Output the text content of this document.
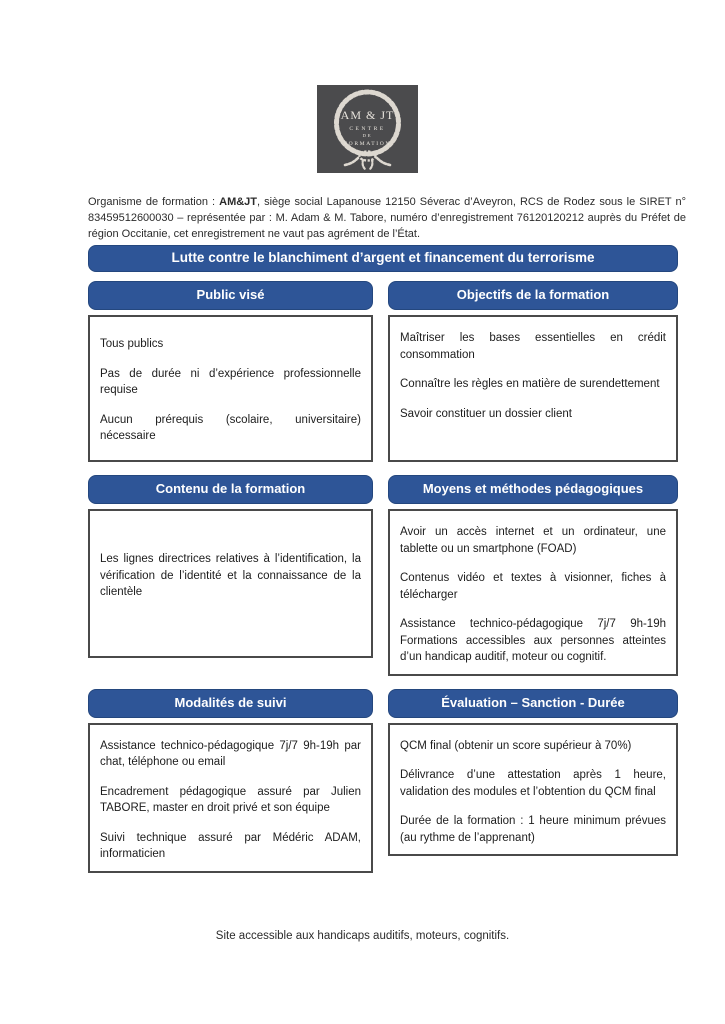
AM & JT
CENTRE
DE
FORMATION

Organisme de formation : AM&JT, siège social Lapanouse 12150 Séverac d’Aveyron, RCS de Rodez sous le SIRET n° 83459512600030 – représentée par : M. Adam & M. Tabore, numéro d’enregistrement 76120120212 auprès du Préfet de région Occitanie, cet enregistrement ne vaut pas agrément de l’État.

Lutte contre le blanchiment d’argent et financement du terrorisme
Public visé

Tous publics

Pas de durée ni d’expérience professionnelle requise

Aucun prérequis (scolaire, universitaire) nécessaire

Objectifs de la formation

Maîtriser les bases essentielles en crédit consommation

Connaître les règles en matière de surendettement

Savoir constituer un dossier client

Contenu de la formation

Les lignes directrices relatives à l’identification, la vérification de l’identité et la connaissance de la clientèle

Moyens et méthodes pédagogiques

Avoir un accès internet et un ordinateur, une tablette ou un smartphone (FOAD)

Contenus vidéo et textes à visionner, fiches à télécharger

Assistance technico-pédagogique 7j/7 9h-19h Formations accessibles aux personnes atteintes d’un handicap auditif, moteur ou cognitif.

Modalités de suivi

Assistance technico-pédagogique 7j/7 9h-19h par chat, téléphone ou email

Encadrement pédagogique assuré par Julien TABORE, master en droit privé et son équipe

Suivi technique assuré par Médéric ADAM, informaticien

Évaluation – Sanction - Durée

QCM final (obtenir un score supérieur à 70%)

Délivrance d’une attestation après 1 heure, validation des modules et l’obtention du QCM final

Durée de la formation : 1 heure minimum prévues (au rythme de l’apprenant)

Site accessible aux handicaps auditifs, moteurs, cognitifs.
